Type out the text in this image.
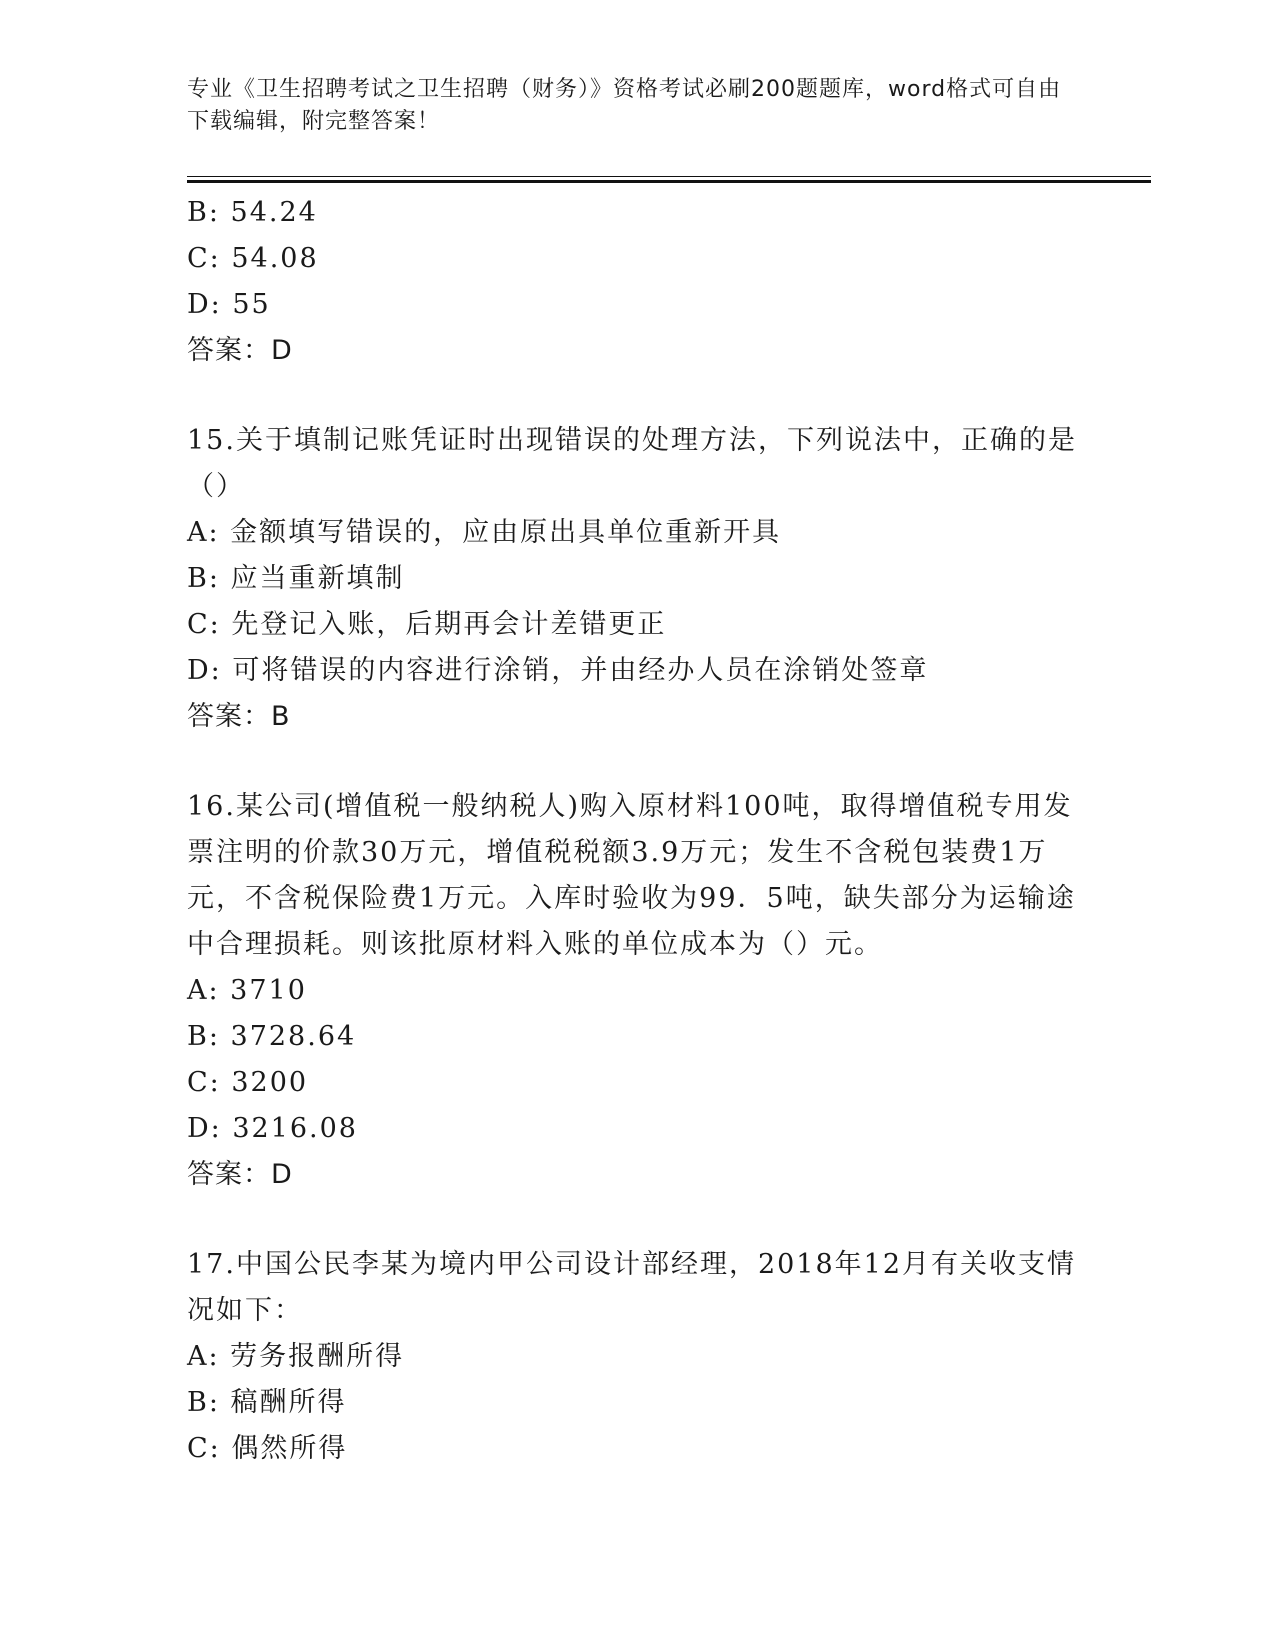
专业《卫生招聘考试之卫生招聘（财务）》资格考试必刷200题题库，word格式可自由下载编辑，附完整答案！

B: 54.24

C: 54.08

D: 55

答案：D

15.关于填制记账凭证时出现错误的处理方法，下列说法中，正确的是（）

A: 金额填写错误的，应由原出具单位重新开具

B: 应当重新填制

C: 先登记入账，后期再会计差错更正

D: 可将错误的内容进行涂销，并由经办人员在涂销处签章

答案：B

16.某公司(增值税一般纳税人)购入原材料100吨，取得增值税专用发票注明的价款30万元，增值税税额3.9万元；发生不含税包装费1万元，不含税保险费1万元。入库时验收为99．5吨，缺失部分为运输途中合理损耗。则该批原材料入账的单位成本为（）元。

A: 3710

B: 3728.64

C: 3200

D: 3216.08

答案：D

17.中国公民李某为境内甲公司设计部经理，2018年12月有关收支情况如下：

A: 劳务报酬所得

B: 稿酬所得

C: 偶然所得
